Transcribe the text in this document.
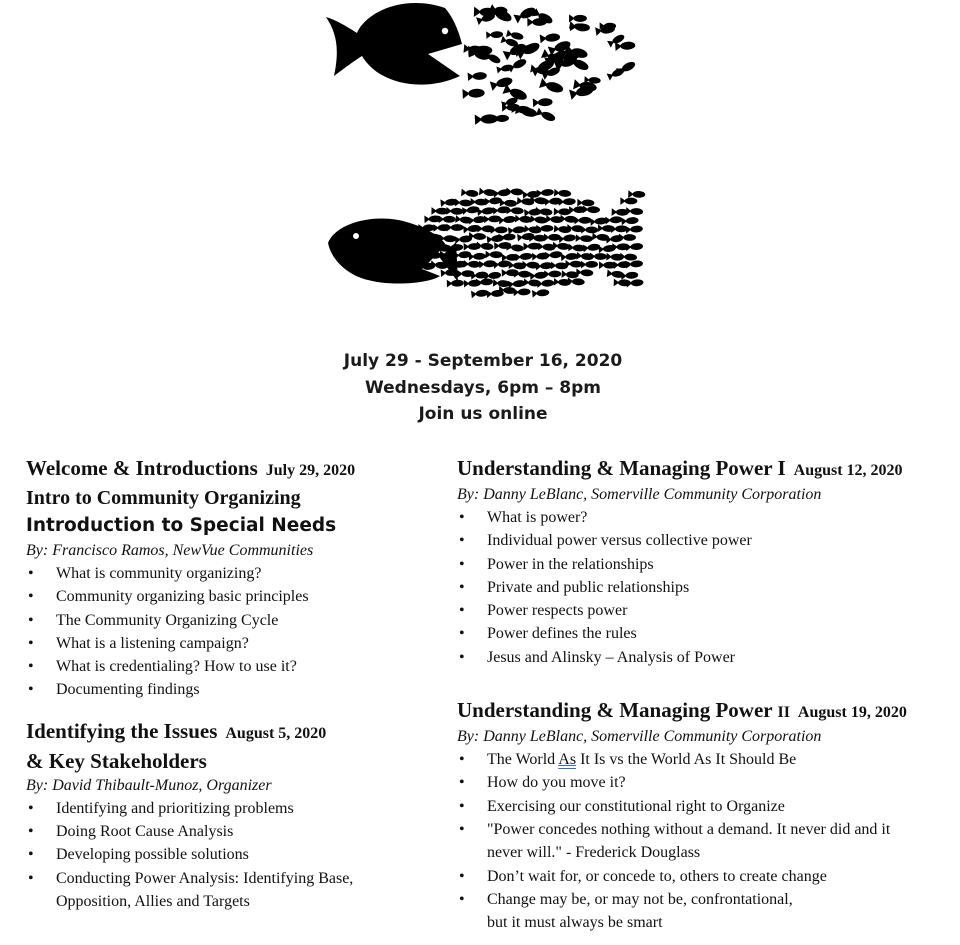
July 29 - September 16, 2020
Wednesdays, 6pm – 8pm
Join us online
Welcome & Introductions July 29, 2020
Intro to Community Organizing
Introduction to Special Needs
By: Francisco Ramos, NewVue Communities
• What is community organizing?
• Community organizing basic principles
• The Community Organizing Cycle
• What is a listening campaign?
• What is credentialing? How to use it?
• Documenting findings
Identifying the Issues August 5, 2020
& Key Stakeholders
By: David Thibault-Munoz, Organizer
• Identifying and prioritizing problems
• Doing Root Cause Analysis
• Developing possible solutions
• Conducting Power Analysis: Identifying Base, Opposition, Allies and Targets
Understanding & Managing Power I August 12, 2020
By: Danny LeBlanc, Somerville Community Corporation
• What is power?
• Individual power versus collective power
• Power in the relationships
• Private and public relationships
• Power respects power
• Power defines the rules
• Jesus and Alinsky – Analysis of Power
Understanding & Managing Power II August 19, 2020
By: Danny LeBlanc, Somerville Community Corporation
• The World As It Is vs the World As It Should Be
• How do you move it?
• Exercising our constitutional right to Organize
• "Power concedes nothing without a demand. It never did and it never will." - Frederick Douglass
• Don’t wait for, or concede to, others to create change
• Change may be, or may not be, confrontational,
but it must always be smart
